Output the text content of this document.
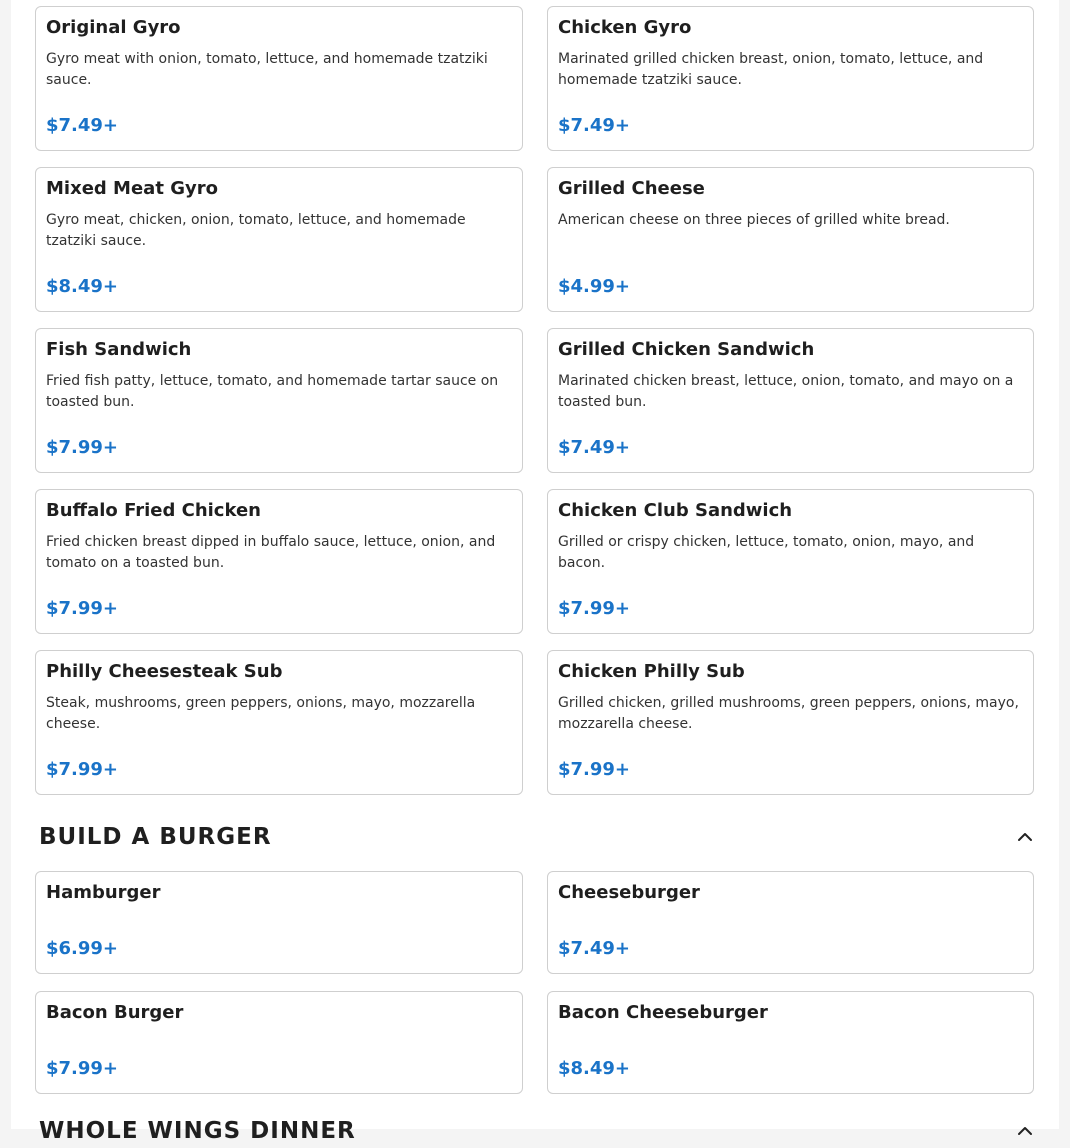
Original Gyro
Gyro meat with onion, tomato, lettuce, and homemade tzatziki sauce.
$7.49+
Chicken Gyro
Marinated grilled chicken breast, onion, tomato, lettuce, and homemade tzatziki sauce.
$7.49+
Mixed Meat Gyro
Gyro meat, chicken, onion, tomato, lettuce, and homemade tzatziki sauce.
$8.49+
Grilled Cheese
American cheese on three pieces of grilled white bread.
$4.99+
Fish Sandwich
Fried fish patty, lettuce, tomato, and homemade tartar sauce on toasted bun.
$7.99+
Grilled Chicken Sandwich
Marinated chicken breast, lettuce, onion, tomato, and mayo on a toasted bun.
$7.49+
Buffalo Fried Chicken
Fried chicken breast dipped in buffalo sauce, lettuce, onion, and tomato on a toasted bun.
$7.99+
Chicken Club Sandwich
Grilled or crispy chicken, lettuce, tomato, onion, mayo, and bacon.
$7.99+
Philly Cheesesteak Sub
Steak, mushrooms, green peppers, onions, mayo, mozzarella cheese.
$7.99+
Chicken Philly Sub
Grilled chicken, grilled mushrooms, green peppers, onions, mayo, mozzarella cheese.
$7.99+
BUILD A BURGER
Hamburger
$6.99+
Cheeseburger
$7.49+
Bacon Burger
$7.99+
Bacon Cheeseburger
$8.49+
WHOLE WINGS DINNER
